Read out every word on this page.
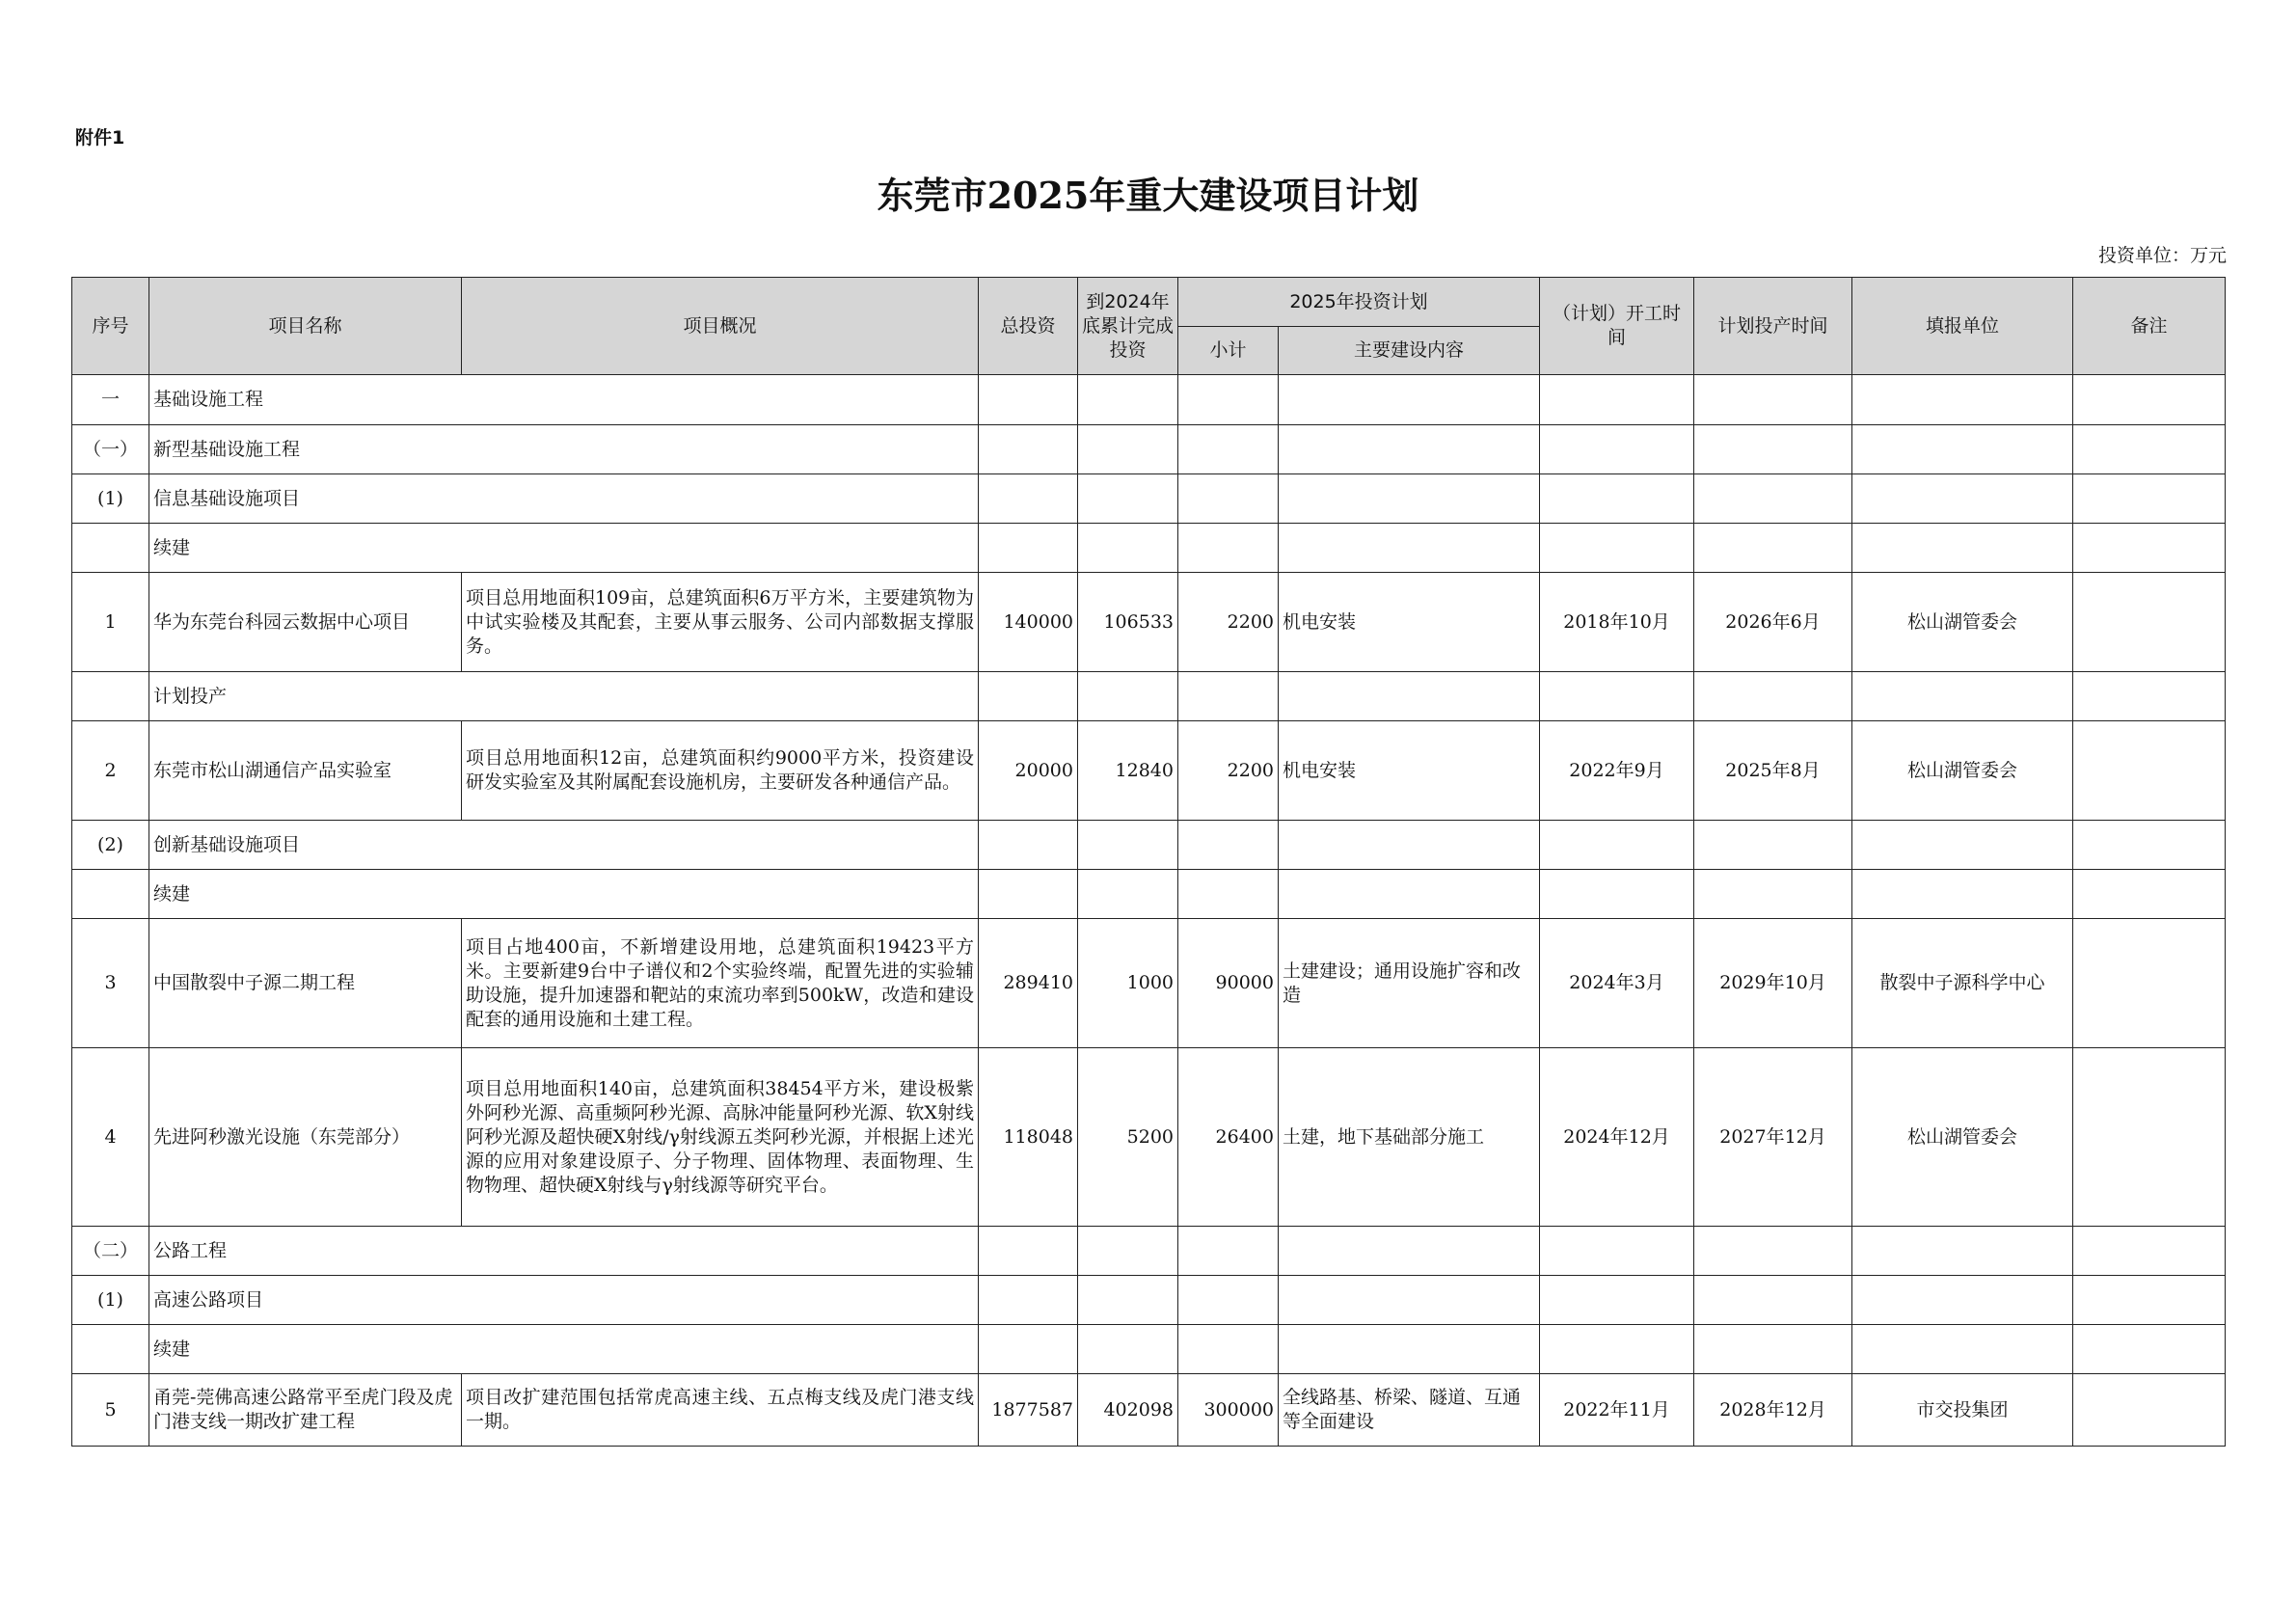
附件1
东莞市2025年重大建设项目计划
投资单位：万元
序号	项目名称	项目概况	总投资	到2024年底累计完成投资	2025年投资计划		（计划）开工时间	计划投产时间	填报单位	备注
					小计	主要建设内容				
一	基础设施工程									
（一）	新型基础设施工程									
(1)	信息基础设施项目									
	续建									
1	华为东莞台科园云数据中心项目	项目总用地面积109亩，总建筑面积6万平方米，主要建筑物为中试实验楼及其配套，主要从事云服务、公司内部数据支撑服务。	140000	106533	2200	机电安装	2018年10月	2026年6月	松山湖管委会	
	计划投产									
2	东莞市松山湖通信产品实验室	项目总用地面积12亩，总建筑面积约9000平方米，投资建设研发实验室及其附属配套设施机房，主要研发各种通信产品。	20000	12840	2200	机电安装	2022年9月	2025年8月	松山湖管委会	
(2)	创新基础设施项目									
	续建									
3	中国散裂中子源二期工程	项目占地400亩，不新增建设用地，总建筑面积19423平方米。主要新建9台中子谱仪和2个实验终端，配置先进的实验辅助设施，提升加速器和靶站的束流功率到500kW，改造和建设配套的通用设施和土建工程。	289410	1000	90000	土建建设；通用设施扩容和改造	2024年3月	2029年10月	散裂中子源科学中心	
4	先进阿秒激光设施（东莞部分）	项目总用地面积140亩，总建筑面积38454平方米，建设极紫外阿秒光源、高重频阿秒光源、高脉冲能量阿秒光源、软X射线阿秒光源及超快硬X射线/γ射线源五类阿秒光源，并根据上述光源的应用对象建设原子、分子物理、固体物理、表面物理、生物物理、超快硬X射线与γ射线源等研究平台。	118048	5200	26400	土建，地下基础部分施工	2024年12月	2027年12月	松山湖管委会	
（二）	公路工程									
(1)	高速公路项目									
	续建									
5	甬莞-莞佛高速公路常平至虎门段及虎门港支线一期改扩建工程	项目改扩建范围包括常虎高速主线、五点梅支线及虎门港支线一期。	1877587	402098	300000	全线路基、桥梁、隧道、互通等全面建设	2022年11月	2028年12月	市交投集团	
